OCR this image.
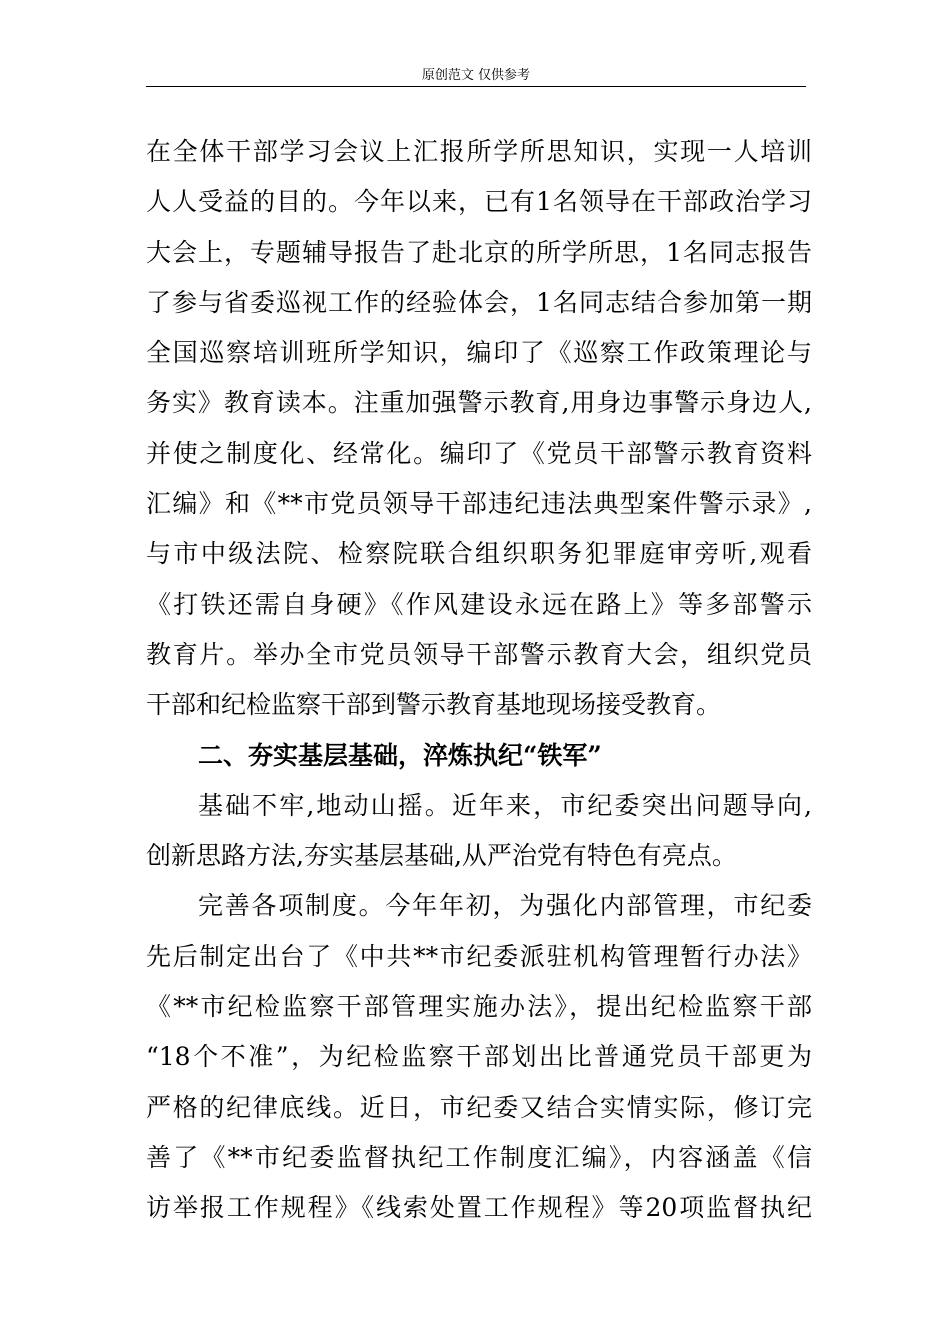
原创范文 仅供参考
在全体干部学习会议上汇报所学所思知识，实现一人培训
人人受益的目的。今年以来，已有1名领导在干部政治学习
大会上，专题辅导报告了赴北京的所学所思，1名同志报告
了参与省委巡视工作的经验体会，1名同志结合参加第一期
全国巡察培训班所学知识，编印了《巡察工作政策理论与
务实》教育读本。注重加强警示教育,用身边事警示身边人,
并使之制度化、经常化。编印了《党员干部警示教育资料
汇编》和《**市党员领导干部违纪违法典型案件警示录》,
与市中级法院、检察院联合组织职务犯罪庭审旁听,观看
《打铁还需自身硬》《作风建设永远在路上》等多部警示
教育片。举办全市党员领导干部警示教育大会，组织党员
干部和纪检监察干部到警示教育基地现场接受教育。
二、夯实基层基础，淬炼执纪“铁军”
基础不牢,地动山摇。近年来，市纪委突出问题导向,
创新思路方法,夯实基层基础,从严治党有特色有亮点。
完善各项制度。今年年初，为强化内部管理，市纪委
先后制定出台了《中共**市纪委派驻机构管理暂行办法》
《**市纪检监察干部管理实施办法》，提出纪检监察干部
“18个不准”，为纪检监察干部划出比普通党员干部更为
严格的纪律底线。近日，市纪委又结合实情实际，修订完
善了《**市纪委监督执纪工作制度汇编》，内容涵盖《信
访举报工作规程》《线索处置工作规程》等20项监督执纪
